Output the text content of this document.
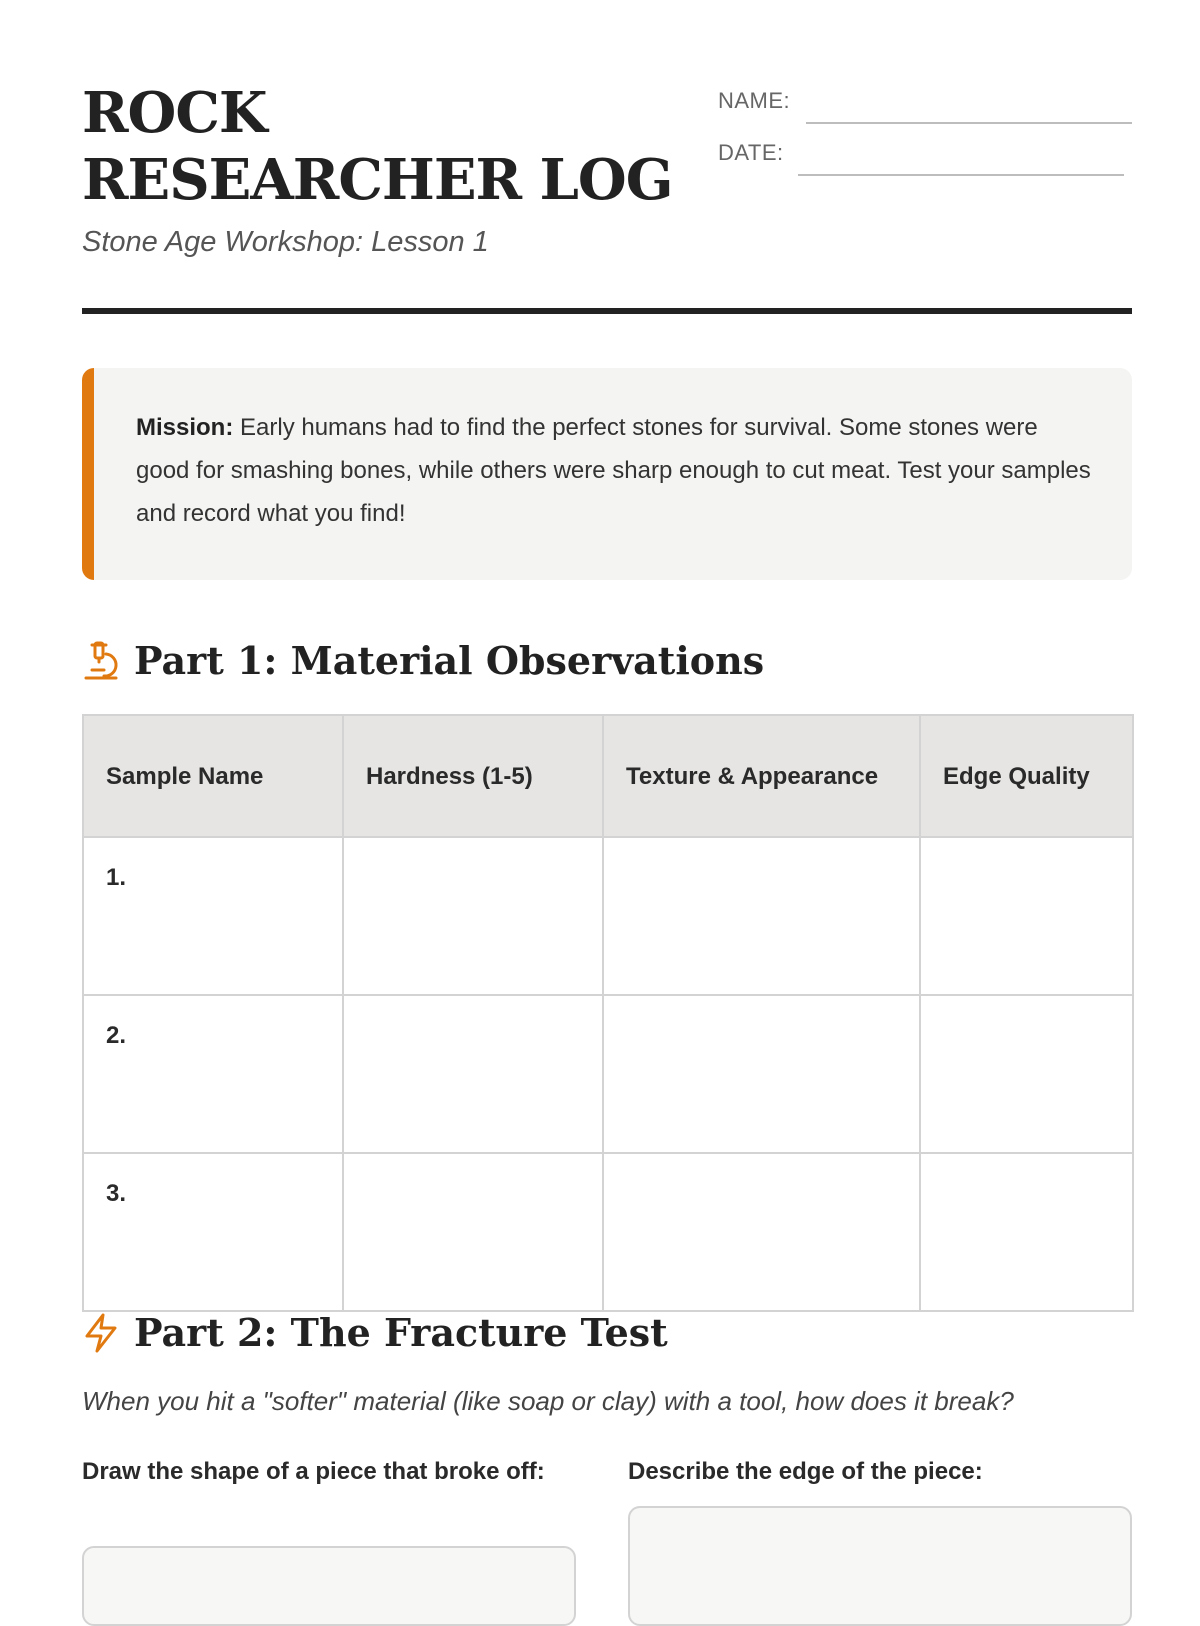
ROCK RESEARCHER LOG

Stone Age Workshop: Lesson 1

NAME:
DATE:
Mission: Early humans had to find the perfect stones for survival. Some stones were good for smashing bones, while others were sharp enough to cut meat. Test your samples and record what you find!
Part 1: Material Observations
Sample Name	Hardness (1-5)	Texture & Appearance	Edge Quality
1.			
2.			
3.			
Part 2: The Fracture Test

When you hit a "softer" material (like soap or clay) with a tool, how does it break?

Draw the shape of a piece that broke off:	Describe the edge of the piece:
